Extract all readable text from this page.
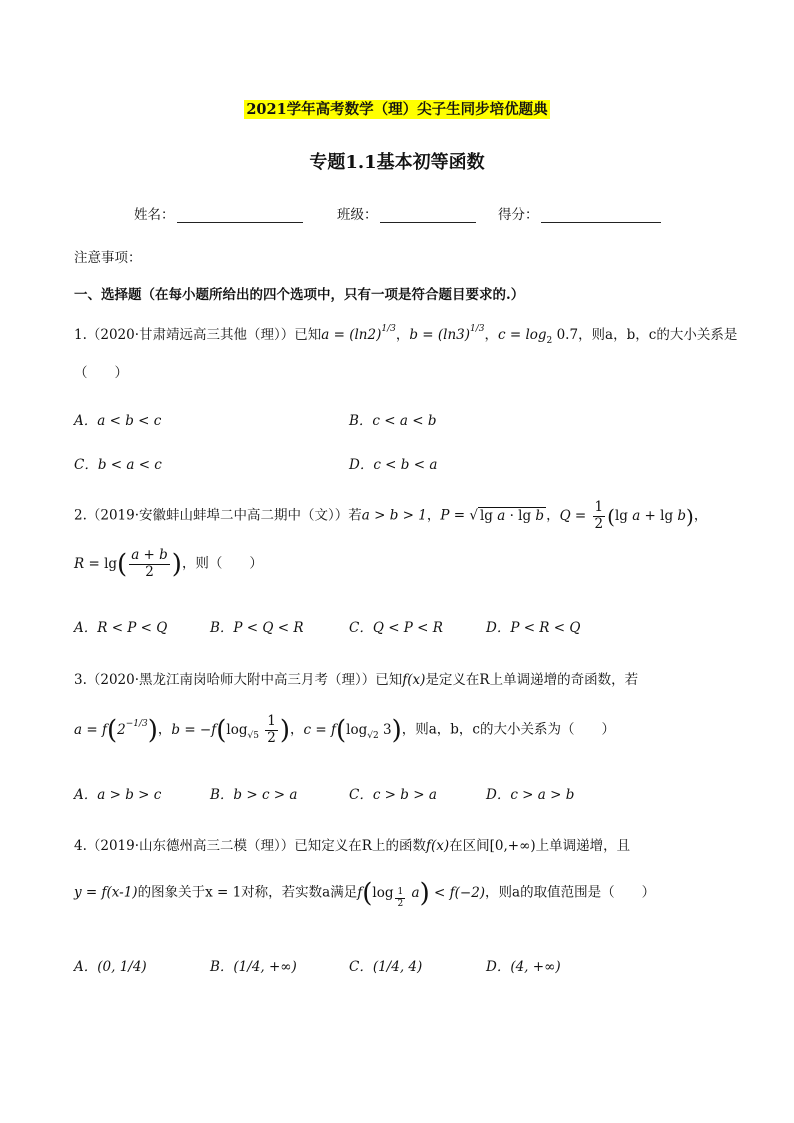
2021学年高考数学（理）尖子生同步培优题典
专题1.1基本初等函数
姓名：	班级：	得分：
注意事项：
一、选择题（在每小题所给出的四个选项中，只有一项是符合题目要求的.）
1.（2020·甘肃靖远高三其他（理））已知$a = (\ln 2)^{1/3}$，$b = (\ln 3)^{1/3}$，$c = \log_2 0.7$，则a，b，c的大小关系是
（　　）
A．a < b < c	B．c < a < b
C．b < a < c	D．c < b < a
2.（2019·安徽蚌山蚌埠二中高二期中（文））若a > b > 1，P = √ lg a · lg b ，$Q = \frac{1}{2} (\lg$ a + lg b)，
$R = \lg( \frac{a + b}{2}$ )，则（　　）
A．R < P < Q	B．P < Q < R	C．Q < P < R	D．P < R < Q
3.（2020·黑龙江南岗哈师大附中高三月考（理））已知f(x)是定义在R上单调递增的奇函数，若
$a = f(2^{-1/3})$，$b = -f(\log_{√5} \frac{1}{2}$ )，$c = f(\log_{√2}$ 3)，则a，b，c的大小关系为（　　）
A．a > b > c	B．b > c > a	C．c > b > a	D．c > a > b
4.（2019·山东德州高三二模（理））已知定义在R上的函数f(x)在区间[0,+∞)上单调递增，且
y = f(x-1)的图象关于x = 1对称，若实数a满足f(log $_{\frac{1}{2}}$ a) < f(−2)，则a的取值范围是（　　）
A．(0, 1/4)	B．(1/4, +∞)	C．(1/4, 4)	D．(4, +∞)
